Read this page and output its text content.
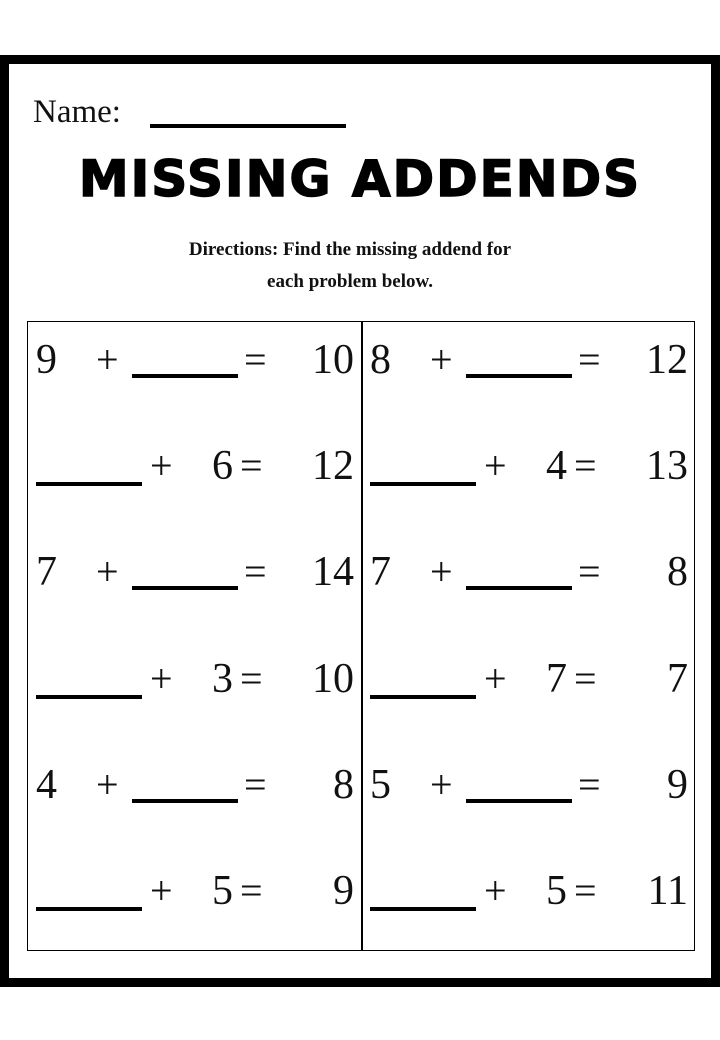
Name:
MISSING ADDENDS
Directions: Find the missing addend for
each problem below.
9 +	=	10
+ 6 =	12
7 +	=	14
+ 3 =	10
4 +	=	8
+ 5 =	9
8 +	=	12
+ 4 =	13
7 +	=	8
+ 7 =	7
5 +	=	9
+ 5 =	11
